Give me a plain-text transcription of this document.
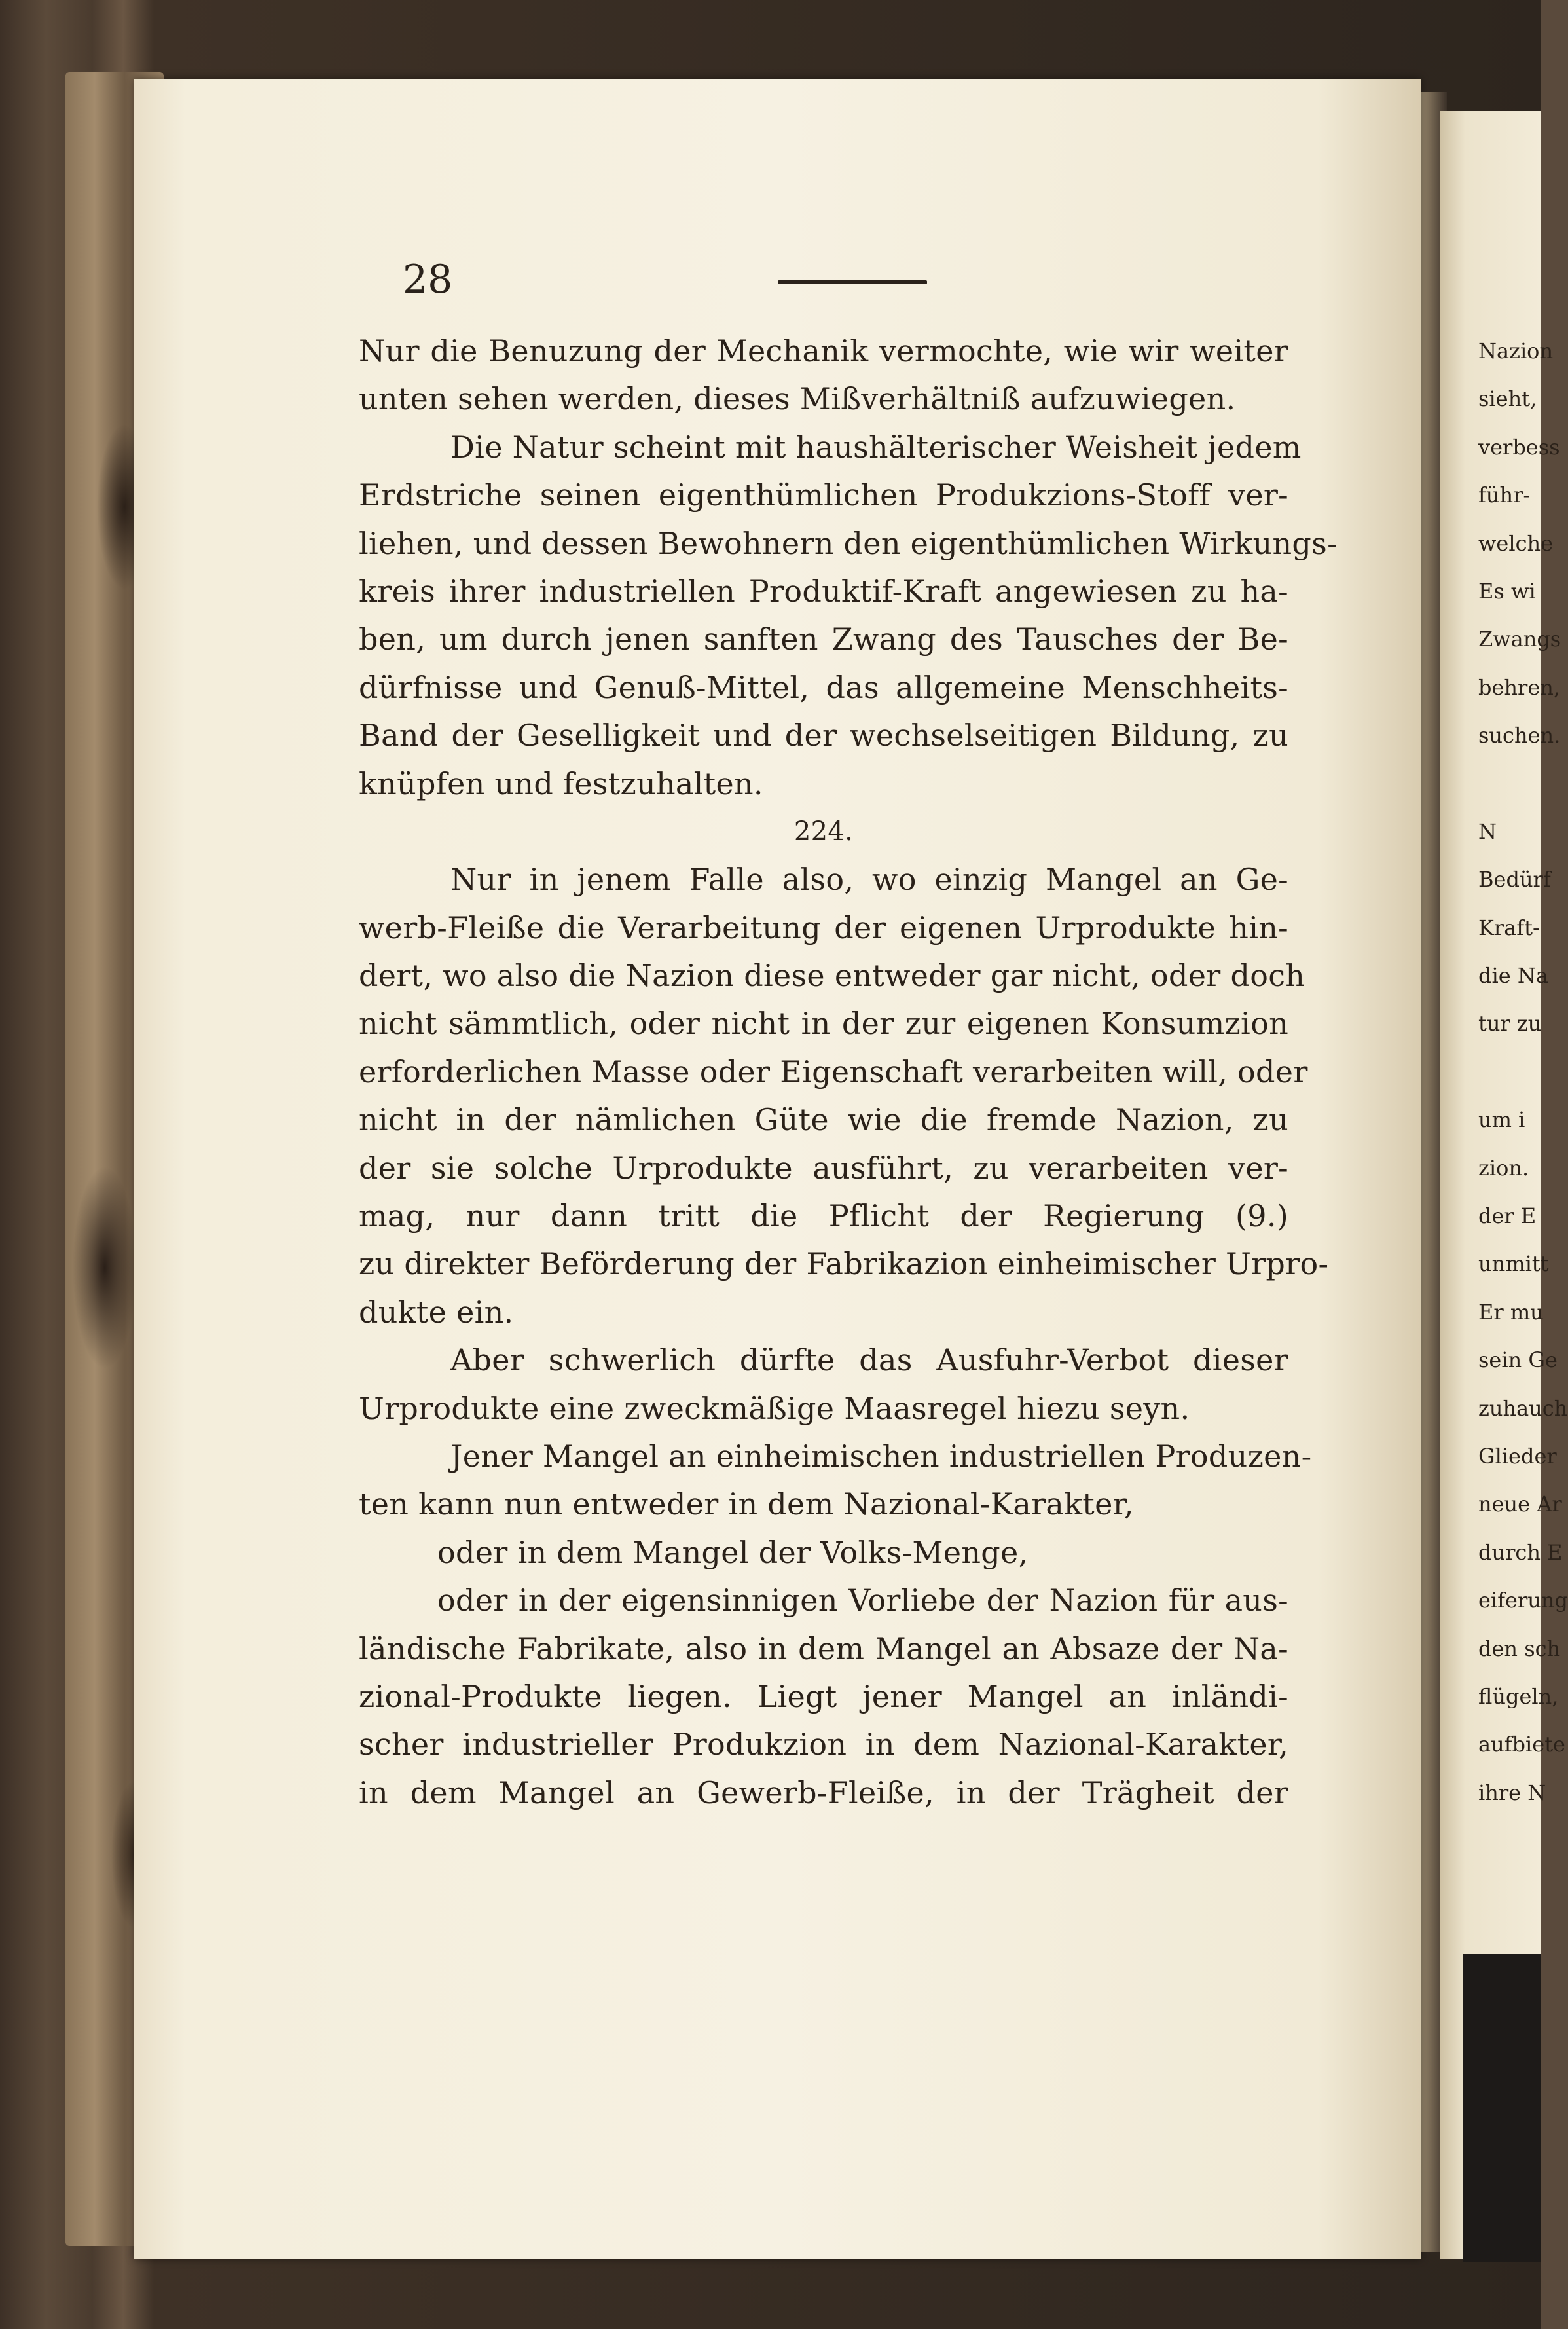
28
Nur die Benuzung der Mechanik vermochte, wie wir weiter
unten sehen werden, dieses Mißverhältniß aufzuwiegen.
Die Natur scheint mit haushälterischer Weisheit jedem
Erdstriche seinen eigenthümlichen Produkzions-Stoff ver-
liehen, und dessen Bewohnern den eigenthümlichen Wirkungs-
kreis ihrer industriellen Produktif-Kraft angewiesen zu ha-
ben, um durch jenen sanften Zwang des Tausches der Be-
dürfnisse und Genuß-Mittel, das allgemeine Menschheits-
Band der Geselligkeit und der wechselseitigen Bildung, zu
knüpfen und festzuhalten.
224.
Nur in jenem Falle also, wo einzig Mangel an Ge-
werb-Fleiße die Verarbeitung der eigenen Urprodukte hin-
dert, wo also die Nazion diese entweder gar nicht, oder doch
nicht sämmtlich, oder nicht in der zur eigenen Konsumzion
erforderlichen Masse oder Eigenschaft verarbeiten will, oder
nicht in der nämlichen Güte wie die fremde Nazion, zu
der sie solche Urprodukte ausführt, zu verarbeiten ver-
mag, nur dann tritt die Pflicht der Regierung (9.)
zu direkter Beförderung der Fabrikazion einheimischer Urpro-
dukte ein.
Aber schwerlich dürfte das Ausfuhr-Verbot dieser
Urprodukte eine zweckmäßige Maasregel hiezu seyn.
Jener Mangel an einheimischen industriellen Produzen-
ten kann nun entweder in dem Nazional-Karakter,
oder in dem Mangel der Volks-Menge,
oder in der eigensinnigen Vorliebe der Nazion für aus-
ländische Fabrikate, also in dem Mangel an Absaze der Na-
zional-Produkte liegen. Liegt jener Mangel an inländi-
scher industrieller Produkzion in dem Nazional-Karakter,
in dem Mangel an Gewerb-Fleiße, in der Trägheit der
Nazion
sieht,
verbess
führ-
welche
Es wi
Zwangs
behren,
suchen.
N
Bedürf
Kraft-
die Na
tur zu
um i
zion.
der E
unmitt
Er mu
sein Ge
zuhauch
Glieder
neue Ar
durch E
eiferung
den sch
flügeln,
aufbiete
ihre N
